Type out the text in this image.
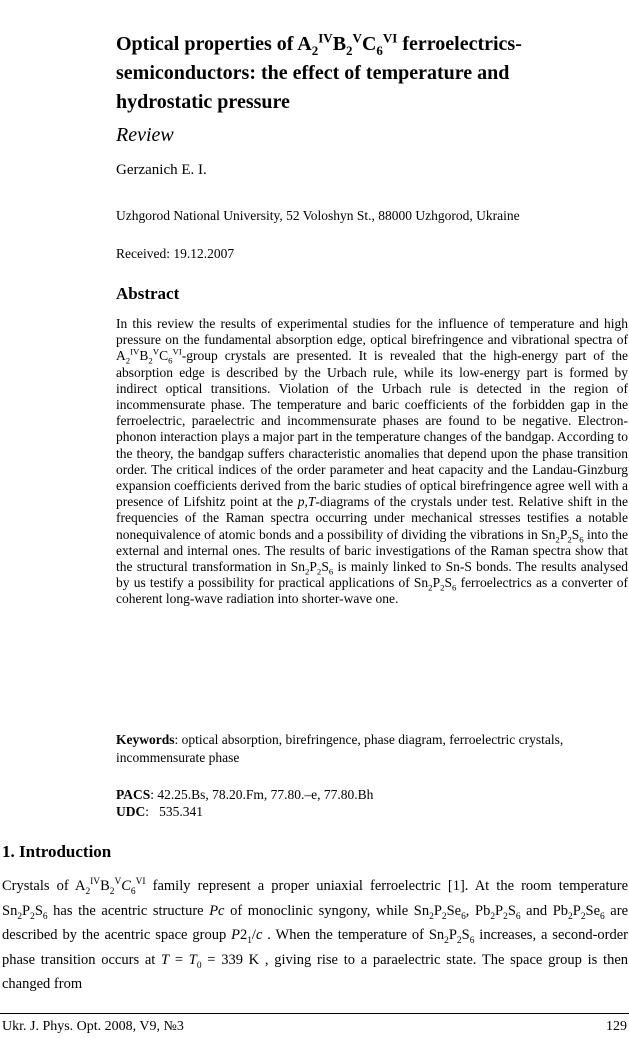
Optical properties of $A_2^{IV}B_2^VC_6^{VI}$ ferroelectrics-semiconductors: the effect of temperature and hydrostatic pressure
Review
Gerzanich E. I.
Uzhgorod National University, 52 Voloshyn St., 88000 Uzhgorod, Ukraine
Received: 19.12.2007
Abstract
In this review the results of experimental studies for the influence of temperature and high pressure on the fundamental absorption edge, optical birefringence and vibrational spectra of $A_2^{IV}B_2^VC_6^{VI}$-group crystals are presented. It is revealed that the high-energy part of the absorption edge is described by the Urbach rule, while its low-energy part is formed by indirect optical transitions. Violation of the Urbach rule is detected in the region of incommensurate phase. The temperature and baric coefficients of the forbidden gap in the ferroelectric, paraelectric and incommensurate phases are found to be negative. Electron-phonon interaction plays a major part in the temperature changes of the bandgap. According to the theory, the bandgap suffers characteristic anomalies that depend upon the phase transition order. The critical indices of the order parameter and heat capacity and the Landau-Ginzburg expansion coefficients derived from the baric studies of optical birefringence agree well with a presence of Lifshitz point at the p,T-diagrams of the crystals under test. Relative shift in the frequencies of the Raman spectra occurring under mechanical stresses testifies a notable nonequivalence of atomic bonds and a possibility of dividing the vibrations in $Sn_2P_2S_6$ into the external and internal ones. The results of baric investigations of the Raman spectra show that the structural transformation in $Sn_2P_2S_6$ is mainly linked to Sn-S bonds. The results analysed by us testify a possibility for practical applications of $Sn_2P_2S_6$ ferroelectrics as a converter of coherent long-wave radiation into shorter-wave one.
Keywords: optical absorption, birefringence, phase diagram, ferroelectric crystals, incommensurate phase
PACS: 42.25.Bs, 78.20.Fm, 77.80.–e, 77.80.Bh
UDC:   535.341
1. Introduction
Crystals of $A_2^{IV}B_2^VC_6^{VI}$ family represent a proper uniaxial ferroelectric [1]. At the room temperature $Sn_2P_2S_6$ has the acentric structure Pc of monoclinic syngony, while $Sn_2P_2Se_6$, $Pb_2P_2S_6$ and $Pb_2P_2Se_6$ are described by the acentric space group $P2_1/c$ . When the temperature of $Sn_2P_2S_6$ increases, a second-order phase transition occurs at $T = T_0 = 339$ K , giving rise to a paraelectric state. The space group is then changed from
Ukr. J. Phys. Opt. 2008, V9, №3	129
